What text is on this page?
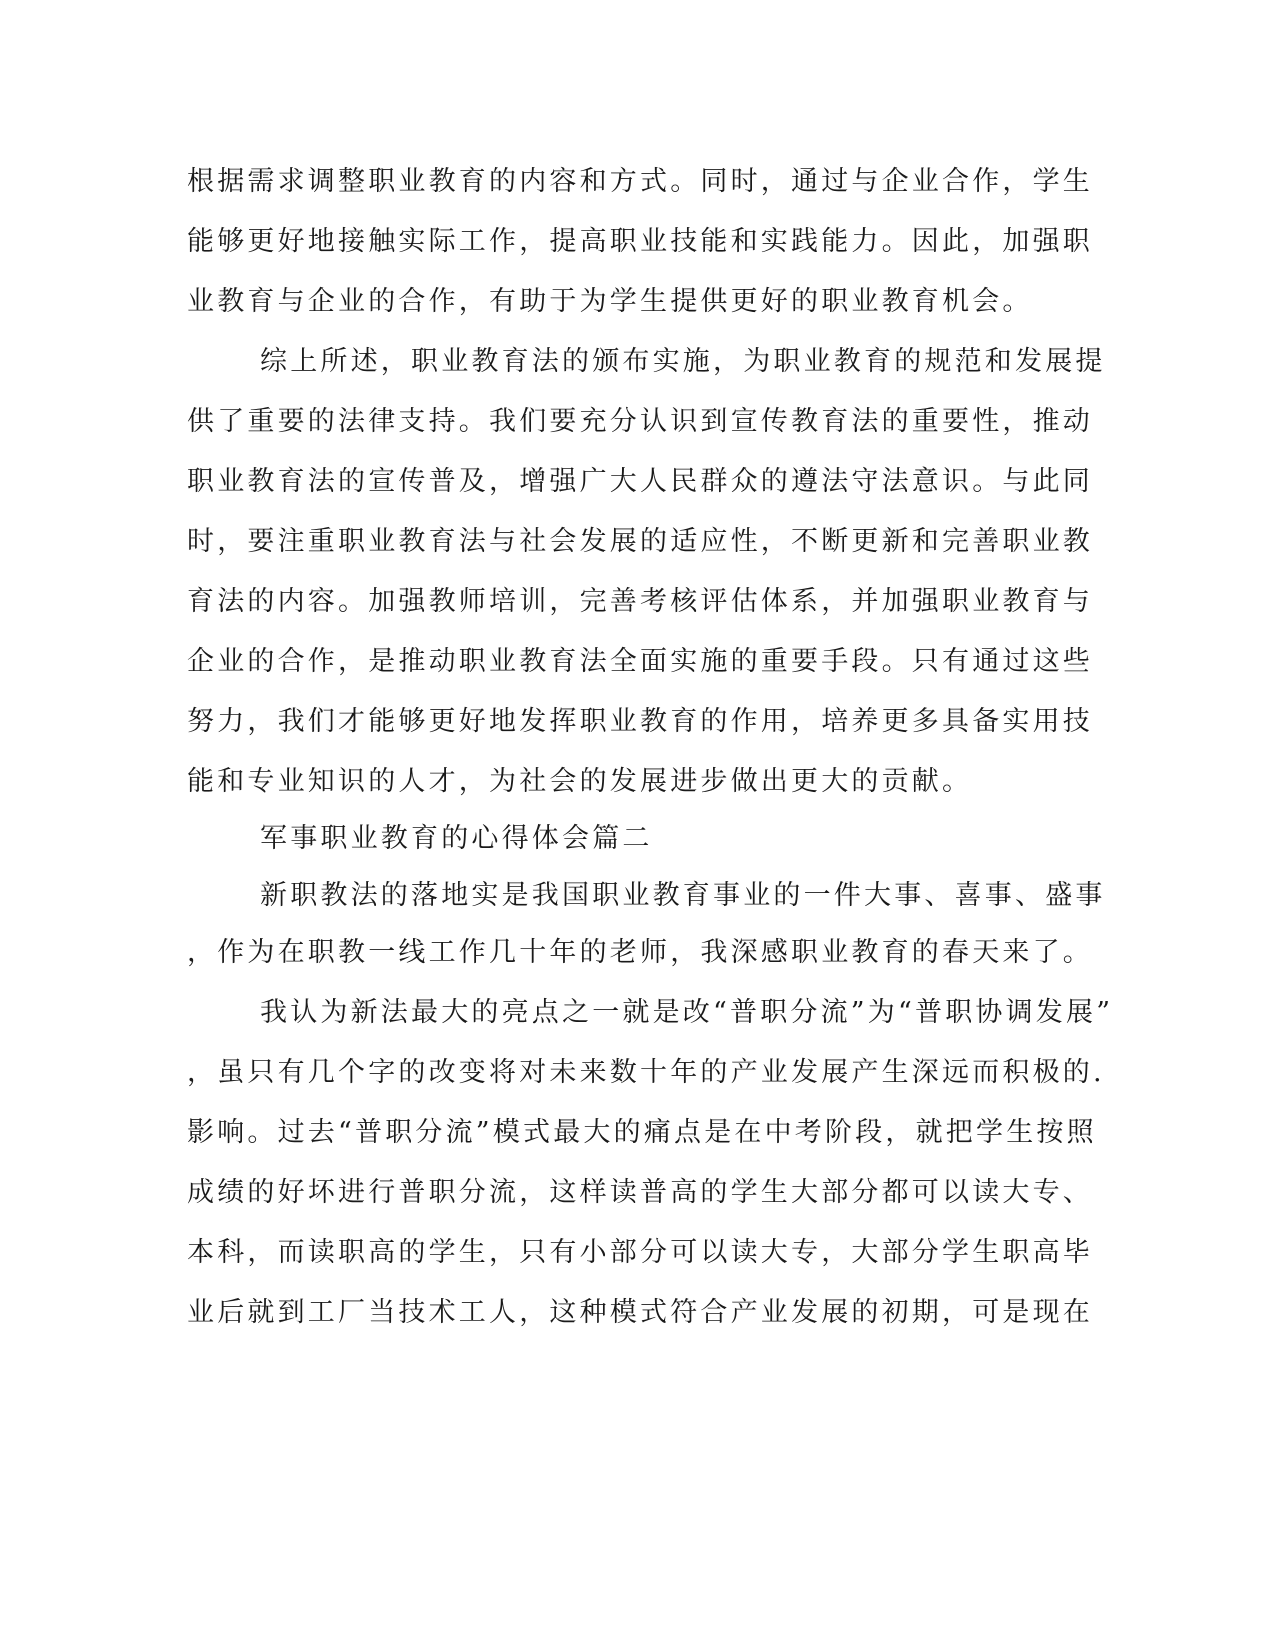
根据需求调整职业教育的内容和方式。同时，通过与企业合作，学生
能够更好地接触实际工作，提高职业技能和实践能力。因此，加强职
业教育与企业的合作，有助于为学生提供更好的职业教育机会。
综上所述，职业教育法的颁布实施，为职业教育的规范和发展提
供了重要的法律支持。我们要充分认识到宣传教育法的重要性，推动
职业教育法的宣传普及，增强广大人民群众的遵法守法意识。与此同
时，要注重职业教育法与社会发展的适应性，不断更新和完善职业教
育法的内容。加强教师培训，完善考核评估体系，并加强职业教育与
企业的合作，是推动职业教育法全面实施的重要手段。只有通过这些
努力，我们才能够更好地发挥职业教育的作用，培养更多具备实用技
能和专业知识的人才，为社会的发展进步做出更大的贡献。
军事职业教育的心得体会篇二
新职教法的落地实是我国职业教育事业的一件大事、喜事、盛事
，作为在职教一线工作几十年的老师，我深感职业教育的春天来了。
我认为新法最大的亮点之一就是改“普职分流”为“普职协调发展”
，虽只有几个字的改变将对未来数十年的产业发展产生深远而积极的.
影响。过去“普职分流”模式最大的痛点是在中考阶段，就把学生按照
成绩的好坏进行普职分流，这样读普高的学生大部分都可以读大专、
本科，而读职高的学生，只有小部分可以读大专，大部分学生职高毕
业后就到工厂当技术工人，这种模式符合产业发展的初期，可是现在
